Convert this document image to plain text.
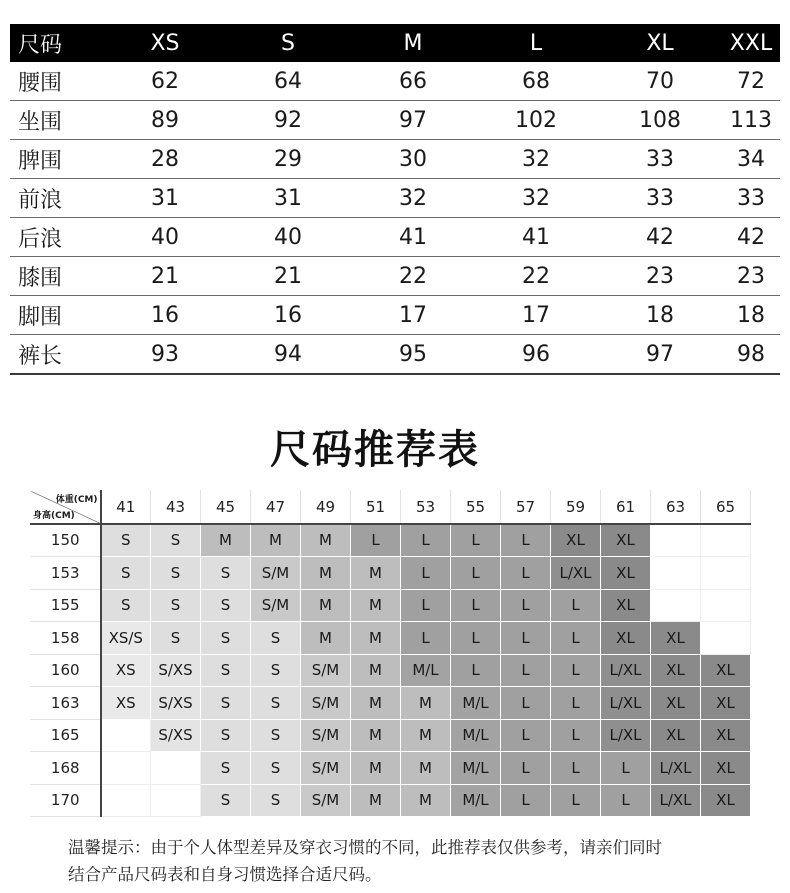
尺码	XS	S	M	L	XL	XXL
腰围	62	64	66	68	70	72
坐围	89	92	97	102	108	113
脾围	28	29	30	32	33	34
前浪	31	31	32	32	33	33
后浪	40	40	41	41	42	42
膝围	21	21	22	22	23	23
脚围	16	16	17	17	18	18
裤长	93	94	95	96	97	98
尺码推荐表
体重(CM)
身高(CM)	41	43	45	47	49	51	53	55	57	59	61	63	65
150	S	S	M	M	M	L	L	L	L	XL	XL		
153	S	S	S	S/M	M	M	L	L	L	L/XL	XL		
155	S	S	S	S/M	M	M	L	L	L	L	XL		
158	XS/S	S	S	S	M	M	L	L	L	L	XL	XL	
160	XS	S/XS	S	S	S/M	M	M/L	L	L	L	L/XL	XL	XL
163	XS	S/XS	S	S	S/M	M	M	M/L	L	L	L/XL	XL	XL
165		S/XS	S	S	S/M	M	M	M/L	L	L	L/XL	XL	XL
168			S	S	S/M	M	M	M/L	L	L	L	L/XL	XL
170			S	S	S/M	M	M	M/L	L	L	L	L/XL	XL
温馨提示：由于个人体型差异及穿衣习惯的不同，此推荐表仅供参考，请亲们同时
结合产品尺码表和自身习惯选择合适尺码。
